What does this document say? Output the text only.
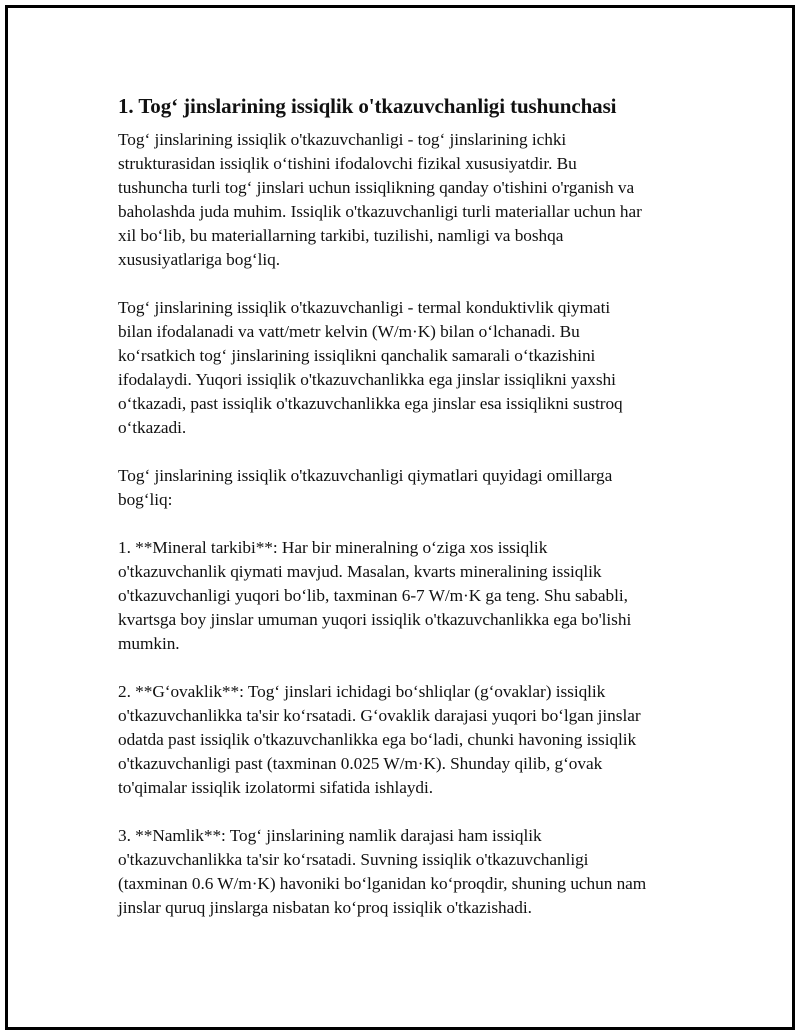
1. Tog‘ jinslarining issiqlik o'tkazuvchanligi tushunchasi

Tog‘ jinslarining issiqlik o'tkazuvchanligi - tog‘ jinslarining ichki
strukturasidan issiqlik o‘tishini ifodalovchi fizikal xususiyatdir. Bu
tushuncha turli tog‘ jinslari uchun issiqlikning qanday o'tishini o'rganish va
baholashda juda muhim. Issiqlik o'tkazuvchanligi turli materiallar uchun har
xil bo‘lib, bu materiallarning tarkibi, tuzilishi, namligi va boshqa
xususiyatlariga bog‘liq.

Tog‘ jinslarining issiqlik o'tkazuvchanligi - termal konduktivlik qiymati
bilan ifodalanadi va vatt/metr kelvin (W/m·K) bilan o‘lchanadi. Bu
ko‘rsatkich tog‘ jinslarining issiqlikni qanchalik samarali o‘tkazishini
ifodalaydi. Yuqori issiqlik o'tkazuvchanlikka ega jinslar issiqlikni yaxshi
o‘tkazadi, past issiqlik o'tkazuvchanlikka ega jinslar esa issiqlikni sustroq
o‘tkazadi.

Tog‘ jinslarining issiqlik o'tkazuvchanligi qiymatlari quyidagi omillarga
bog‘liq:

1. **Mineral tarkibi**: Har bir mineralning o‘ziga xos issiqlik
o'tkazuvchanlik qiymati mavjud. Masalan, kvarts mineralining issiqlik
o'tkazuvchanligi yuqori bo‘lib, taxminan 6-7 W/m·K ga teng. Shu sababli,
kvartsga boy jinslar umuman yuqori issiqlik o'tkazuvchanlikka ega bo'lishi
mumkin.

2. **G‘ovaklik**: Tog‘ jinslari ichidagi bo‘shliqlar (g‘ovaklar) issiqlik
o'tkazuvchanlikka ta'sir ko‘rsatadi. G‘ovaklik darajasi yuqori bo‘lgan jinslar
odatda past issiqlik o'tkazuvchanlikka ega bo‘ladi, chunki havoning issiqlik
o'tkazuvchanligi past (taxminan 0.025 W/m·K). Shunday qilib, g‘ovak
to'qimalar issiqlik izolatormi sifatida ishlaydi.

3. **Namlik**: Tog‘ jinslarining namlik darajasi ham issiqlik
o'tkazuvchanlikka ta'sir ko‘rsatadi. Suvning issiqlik o'tkazuvchanligi
(taxminan 0.6 W/m·K) havoniki bo‘lganidan ko‘proqdir, shuning uchun nam
jinslar quruq jinslarga nisbatan ko‘proq issiqlik o'tkazishadi.
